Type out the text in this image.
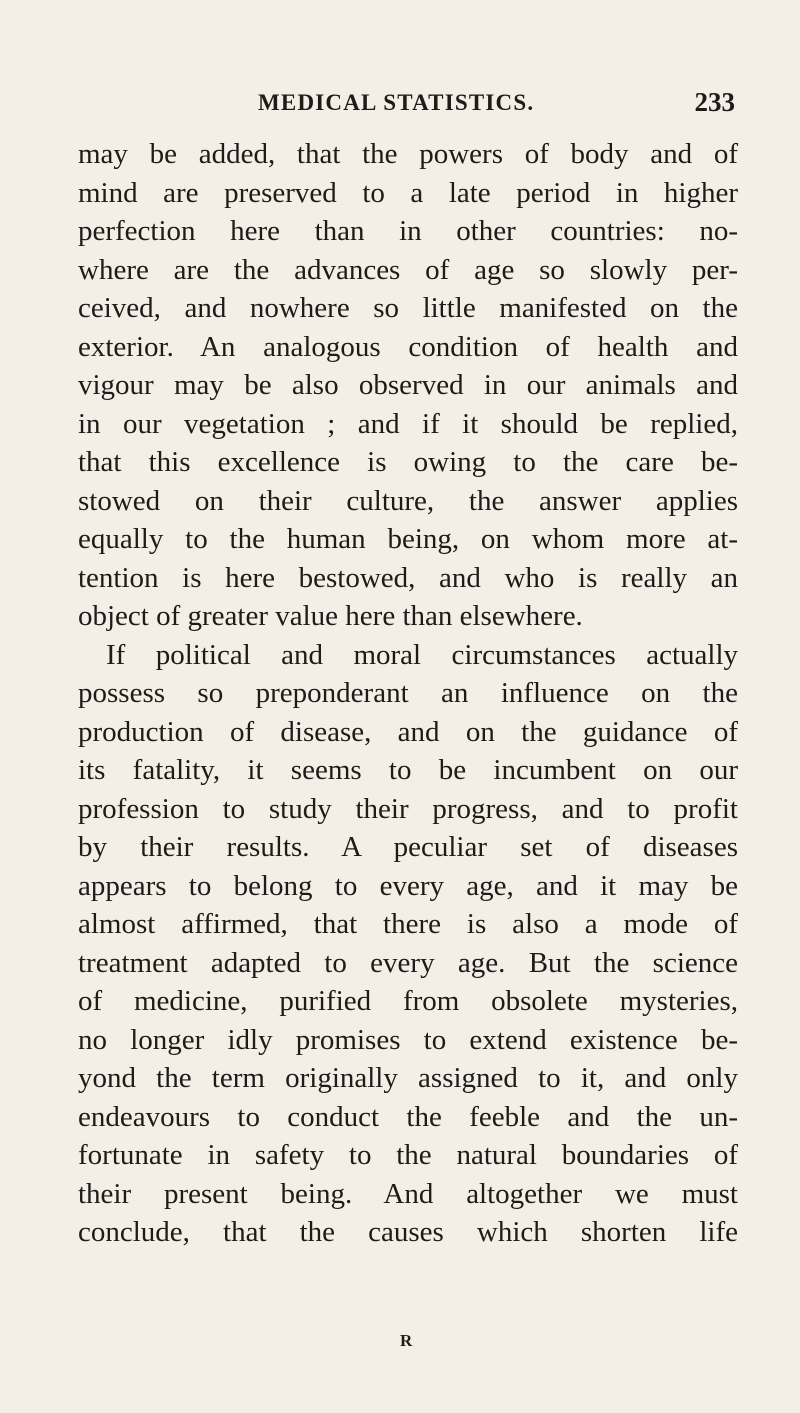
MEDICAL STATISTICS.	233
may be added, that the powers of body and of
mind are preserved to a late period in higher
perfection here than in other countries: no-
where are the advances of age so slowly per-
ceived, and nowhere so little manifested on the
exterior. An analogous condition of health and
vigour may be also observed in our animals and
in our vegetation ; and if it should be replied,
that this excellence is owing to the care be-
stowed on their culture, the answer applies
equally to the human being, on whom more at-
tention is here bestowed, and who is really an
object of greater value here than elsewhere.
If political and moral circumstances actually
possess so preponderant an influence on the
production of disease, and on the guidance of
its fatality, it seems to be incumbent on our
profession to study their progress, and to profit
by their results. A peculiar set of diseases
appears to belong to every age, and it may be
almost affirmed, that there is also a mode of
treatment adapted to every age. But the science
of medicine, purified from obsolete mysteries,
no longer idly promises to extend existence be-
yond the term originally assigned to it, and only
endeavours to conduct the feeble and the un-
fortunate in safety to the natural boundaries of
their present being. And altogether we must
conclude, that the causes which shorten life
R
